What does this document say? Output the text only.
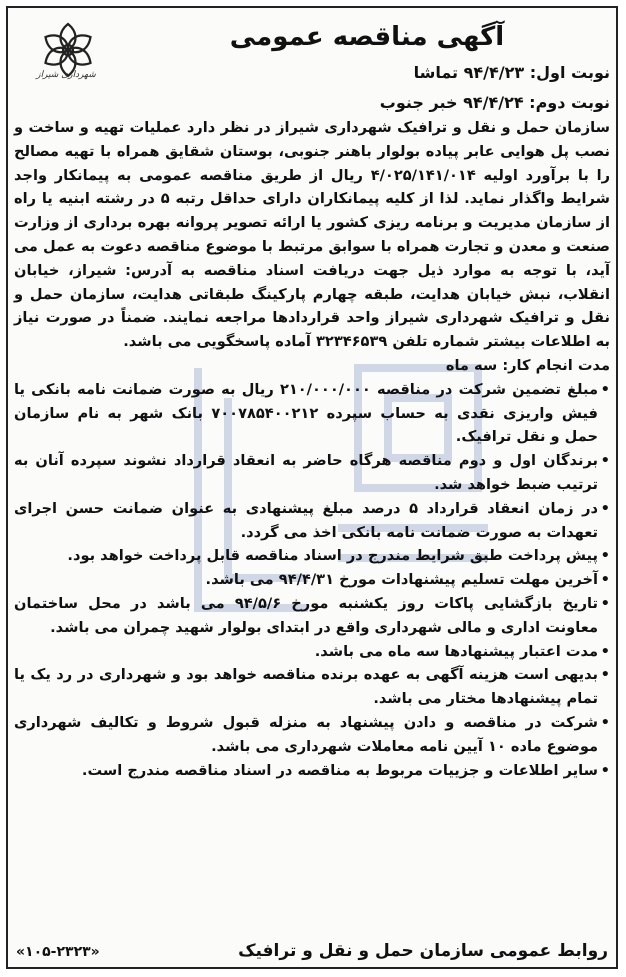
آگهی مناقصه عمومی
شهرداری شیراز	نوبت اول: ۹۴/۴/۲۳ تماشا
نوبت دوم: ۹۴/۴/۲۴ خبر جنوب

سازمان حمل و نقل و ترافیک شهرداری شیراز در نظر دارد عملیات تهیه و ساخت و نصب پل هوایی عابر پیاده بولوار باهنر جنوبی، بوستان شقایق همراه با تهیه مصالح را با برآورد اولیه ۴/۰۲۵/۱۴۱/۰۱۴ ریال از طریق مناقصه عمومی به پیمانکار واجد شرایط واگذار نماید. لذا از کلیه پیمانکاران دارای حداقل رتبه ۵ در رشته ابنیه یا راه از سازمان مدیریت و برنامه ریزی کشور یا ارائه تصویر پروانه بهره برداری از وزارت صنعت و معدن و تجارت همراه با سوابق مرتبط با موضوع مناقصه دعوت به عمل می آید، با توجه به موارد ذیل جهت دریافت اسناد مناقصه به آدرس: شیراز، خیابان انقلاب، نبش خیابان هدایت، طبقه چهارم پارکینگ طبقاتی هدایت، سازمان حمل و نقل و ترافیک شهرداری شیراز واحد قراردادها مراجعه نمایند. ضمناً در صورت نیاز به اطلاعات بیشتر شماره تلفن ۳۲۳۴۶۵۳۹ آماده پاسخگویی می باشد.

مدت انجام کار: سه ماه

• مبلغ تضمین شرکت در مناقصه ۲۱۰/۰۰۰/۰۰۰ ریال به صورت ضمانت نامه بانکی یا فیش واریزی نقدی به حساب سپرده ۷۰۰۷۸۵۴۰۰۲۱۲ بانک شهر به نام سازمان حمل و نقل ترافیک.
• برندگان اول و دوم مناقصه هرگاه حاضر به انعقاد قرارداد نشوند سپرده آنان به ترتیب ضبط خواهد شد.
• در زمان انعقاد قرارداد ۵ درصد مبلغ پیشنهادی به عنوان ضمانت حسن اجرای تعهدات به صورت ضمانت نامه بانکی اخذ می گردد.
• پیش پرداخت طبق شرایط مندرج در اسناد مناقصه قابل پرداخت خواهد بود.
• آخرین مهلت تسلیم پیشنهادات مورخ ۹۴/۴/۳۱ می باشد.
• تاریخ بازگشایی پاکات روز یکشنبه مورخ ۹۴/۵/۶ می باشد در محل ساختمان معاونت اداری و مالی شهرداری واقع در ابتدای بولوار شهید چمران می باشد.
• مدت اعتبار پیشنهادها سه ماه می باشد.
• بدیهی است هزینه آگهی به عهده برنده مناقصه خواهد بود و شهرداری در رد یک یا تمام پیشنهادها مختار می باشد.
• شرکت در مناقصه و دادن پیشنهاد به منزله قبول شروط و تکالیف شهرداری موضوع ماده ۱۰ آیین نامه معاملات شهرداری می باشد.
• سایر اطلاعات و جزییات مربوط به مناقصه در اسناد مناقصه مندرج است.
روابط عمومی سازمان حمل و نقل و ترافیک
«۱۰۵-۲۳۲۳»
